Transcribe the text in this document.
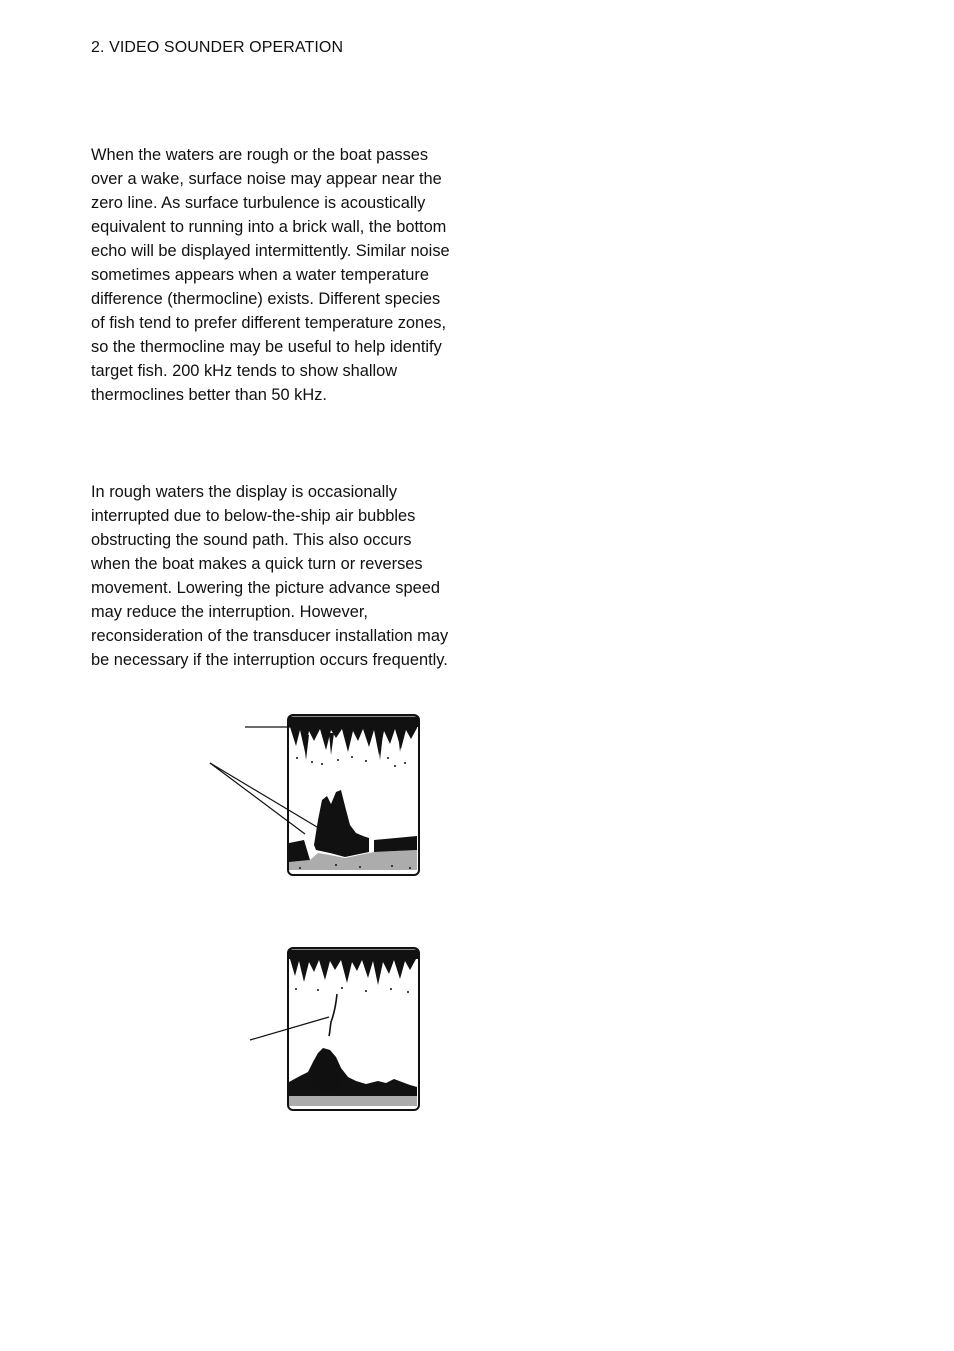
2. VIDEO SOUNDER OPERATION

When the waters are rough or the boat passes over a wake, surface noise may appear near the zero line. As surface turbulence is acoustically equivalent to running into a brick wall, the bottom echo will be displayed intermittently. Similar noise sometimes appears when a water temperature difference (thermocline) exists. Different species of fish tend to prefer different temperature zones, so the thermocline may be useful to help identify target fish. 200 kHz tends to show shallow thermoclines better than 50 kHz.

In rough waters the display is occasionally interrupted due to below-the-ship air bubbles obstructing the sound path. This also occurs when the boat makes a quick turn or reverses movement. Lowering the picture advance speed may reduce the interruption. However, reconsideration of the transducer installation may be necessary if the interruption occurs frequently.
